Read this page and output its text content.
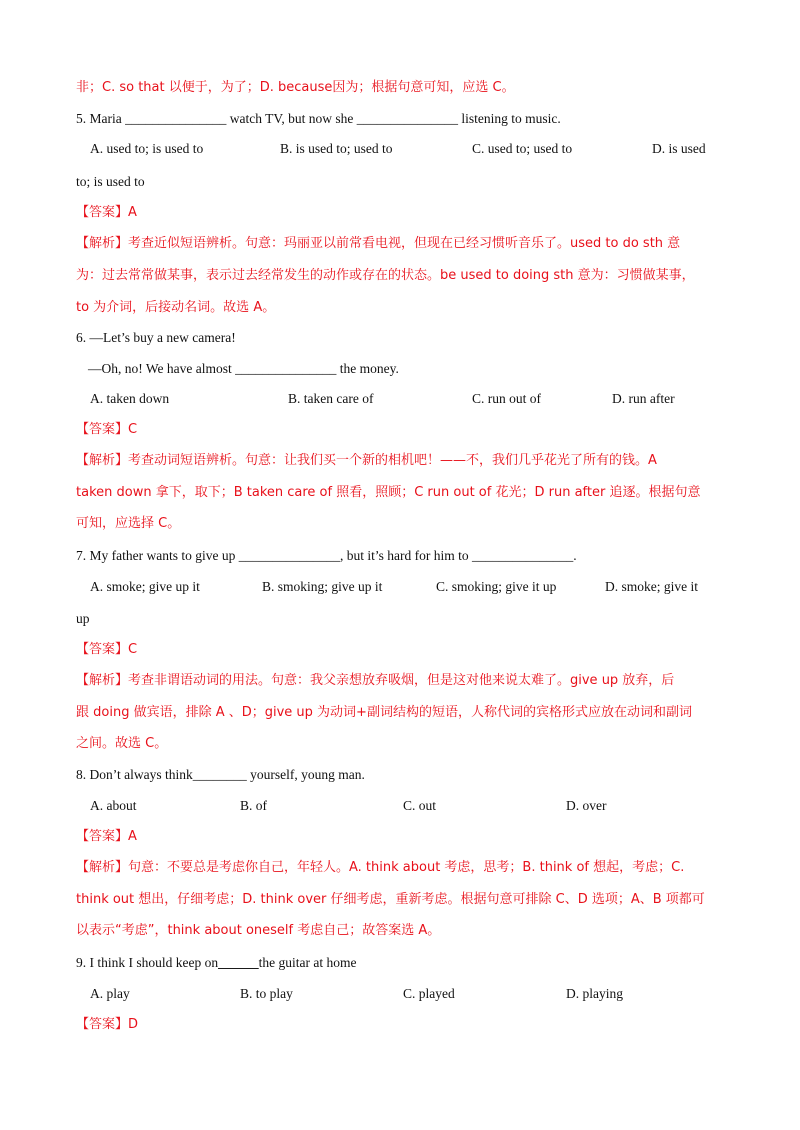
非；C. so that 以便于，为了；D. because因为；根据句意可知，应选 C。
5. Maria _______________ watch TV, but now she _______________ listening to music.
A. used to; is used to	B. is used to; used to	C. used to; used to	D. is used
to; is used to
【答案】A
【解析】考查近似短语辨析。句意：玛丽亚以前常看电视，但现在已经习惯听音乐了。used to do sth 意
为：过去常常做某事，表示过去经常发生的动作或存在的状态。be used to doing sth 意为：习惯做某事，
to 为介词，后接动名词。故选 A。
6. —Let’s buy a new camera!
—Oh, no! We have almost _______________ the money.
A. taken down	B. taken care of	C. run out of	D. run after
【答案】C
【解析】考查动词短语辨析。句意：让我们买一个新的相机吧！——不，我们几乎花光了所有的钱。A
taken down 拿下，取下；B taken care of 照看，照顾；C run out of 花光；D run after 追逐。根据句意
可知，应选择 C。
7. My father wants to give up _______________, but it’s hard for him to _______________.
A. smoke; give up it	B. smoking; give up it	C. smoking; give it up	D. smoke; give it
up
【答案】C
【解析】考查非谓语动词的用法。句意：我父亲想放弃吸烟，但是这对他来说太难了。give up 放弃，后
跟 doing 做宾语，排除 A 、D；give up 为动词+副词结构的短语，人称代词的宾格形式应放在动词和副词
之间。故选 C。
8. Don’t always think________ yourself, young man.
A. about	B. of	C. out	D. over
【答案】A
【解析】句意：不要总是考虑你自己，年轻人。A. think about 考虑，思考；B. think of 想起，考虑；C.
think out 想出，仔细考虑；D. think over 仔细考虑，重新考虑。根据句意可排除 C、D 选项；A、B 项都可
以表示“考虑”，think about oneself 考虑自己；故答案选 A。
9. I think I should keep on______the guitar at home
A. play	B. to play	C. played	D. playing
【答案】D
